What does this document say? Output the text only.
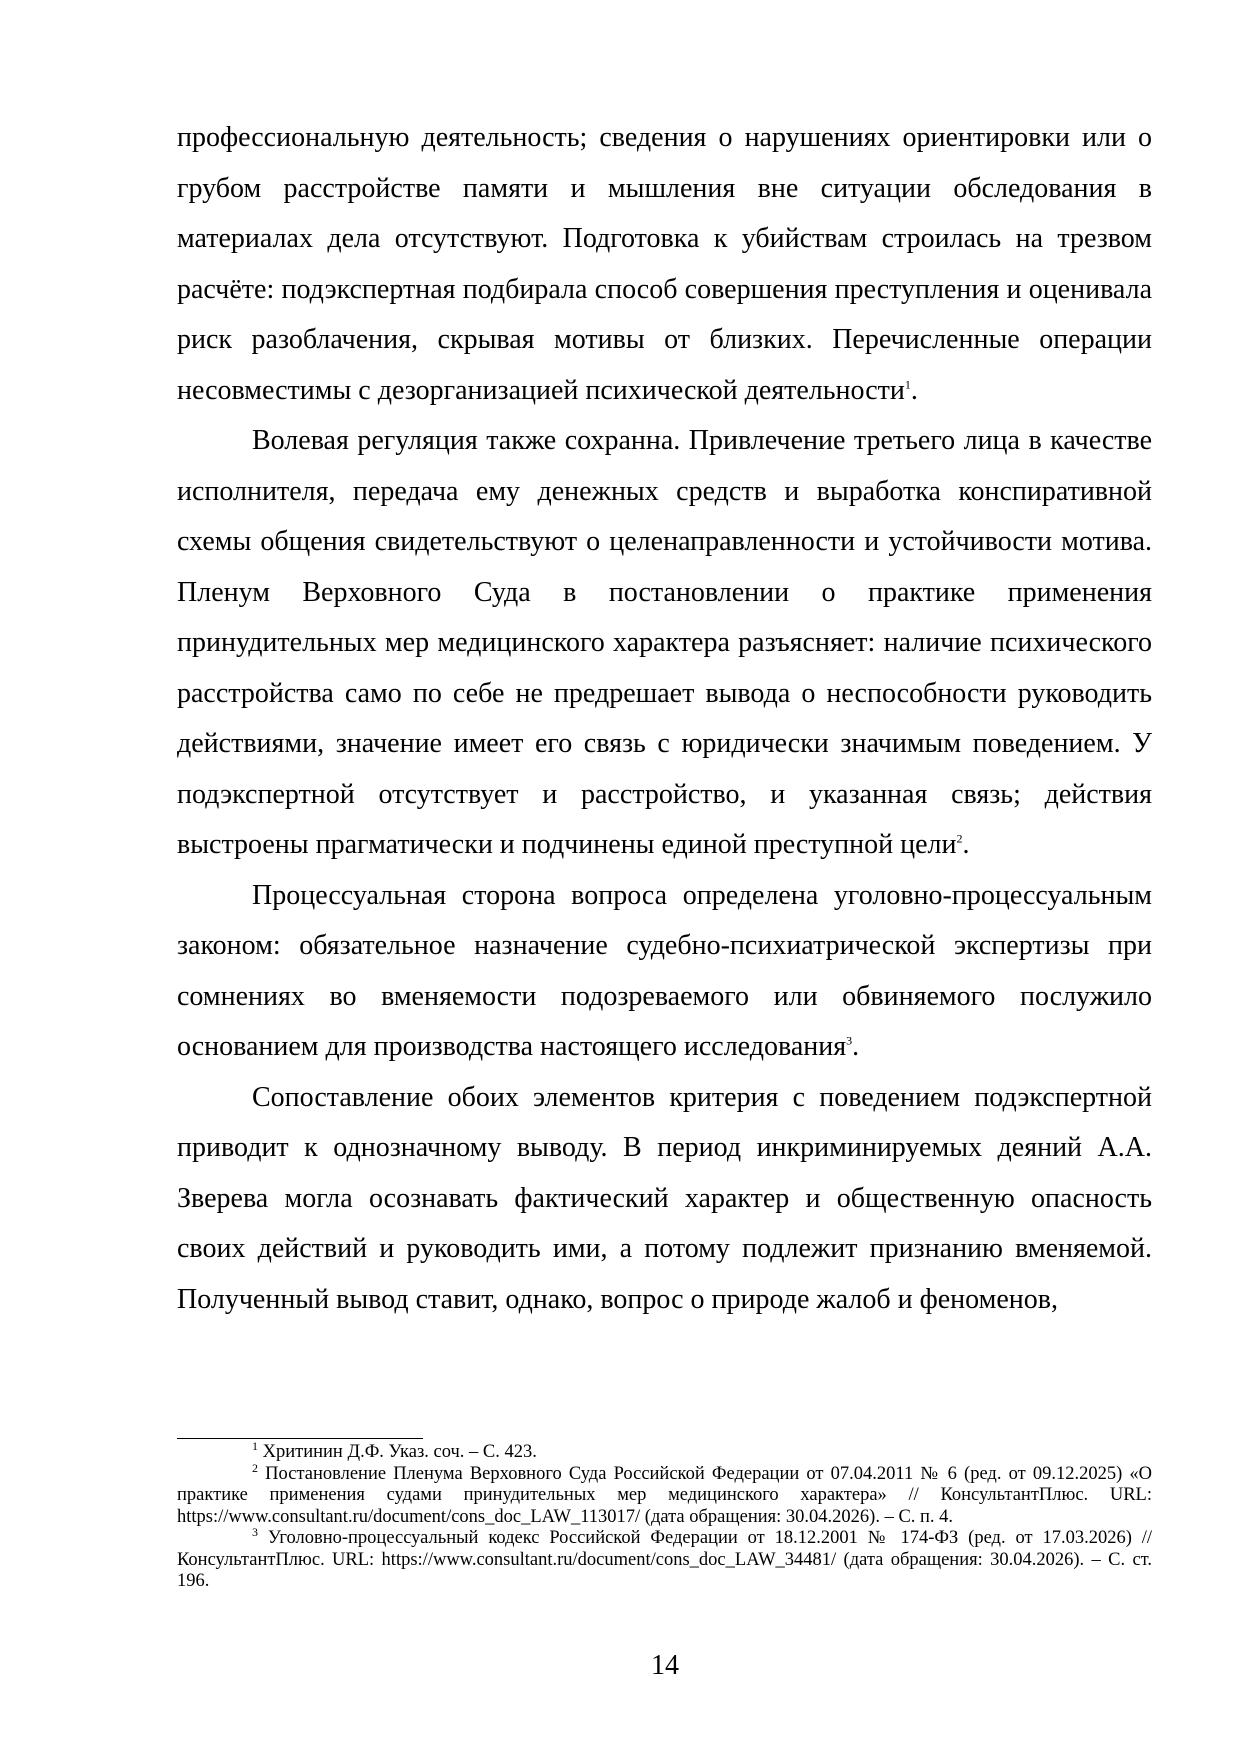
профессиональную деятельность; сведения о нарушениях ориентировки или о грубом расстройстве памяти и мышления вне ситуации обследования в материалах дела отсутствуют. Подготовка к убийствам строилась на трезвом расчёте: подэкспертная подбирала способ совершения преступления и оценивала риск разоблачения, скрывая мотивы от близких. Перечисленные операции несовместимы с дезорганизацией психической деятельности$^1$.

Волевая регуляция также сохранна. Привлечение третьего лица в качестве исполнителя, передача ему денежных средств и выработка конспиративной схемы общения свидетельствуют о целенаправленности и устойчивости мотива. Пленум Верховного Суда в постановлении о практике применения принудительных мер медицинского характера разъясняет: наличие психического расстройства само по себе не предрешает вывода о неспособности руководить действиями, значение имеет его связь с юридически значимым поведением. У подэкспертной отсутствует и расстройство, и указанная связь; действия выстроены прагматически и подчинены единой преступной цели$^2$.

Процессуальная сторона вопроса определена уголовно-процессуальным законом: обязательное назначение судебно-психиатрической экспертизы при сомнениях во вменяемости подозреваемого или обвиняемого послужило основанием для производства настоящего исследования$^3$.

Сопоставление обоих элементов критерия с поведением подэкспертной приводит к однозначному выводу. В период инкриминируемых деяний А.А. Зверева могла осознавать фактический характер и общественную опасность своих действий и руководить ими, а потому подлежит признанию вменяемой. Полученный вывод ставит, однако, вопрос о природе жалоб и феноменов,

$^1$ Хритинин Д.Ф. Указ. соч. – С. 423.

$^2$ Постановление Пленума Верховного Суда Российской Федерации от 07.04.2011 № 6 (ред. от 09.12.2025) «О практике применения судами принудительных мер медицинского характера» // КонсультантПлюс. URL: https://www.consultant.ru/document/cons_doc_LAW_113017/ (дата обращения: 30.04.2026). – С. п. 4.

$^3$ Уголовно-процессуальный кодекс Российской Федерации от 18.12.2001 № 174-ФЗ (ред. от 17.03.2026) // КонсультантПлюс. URL: https://www.consultant.ru/document/cons_doc_LAW_34481/ (дата обращения: 30.04.2026). – С. ст. 196.

14
